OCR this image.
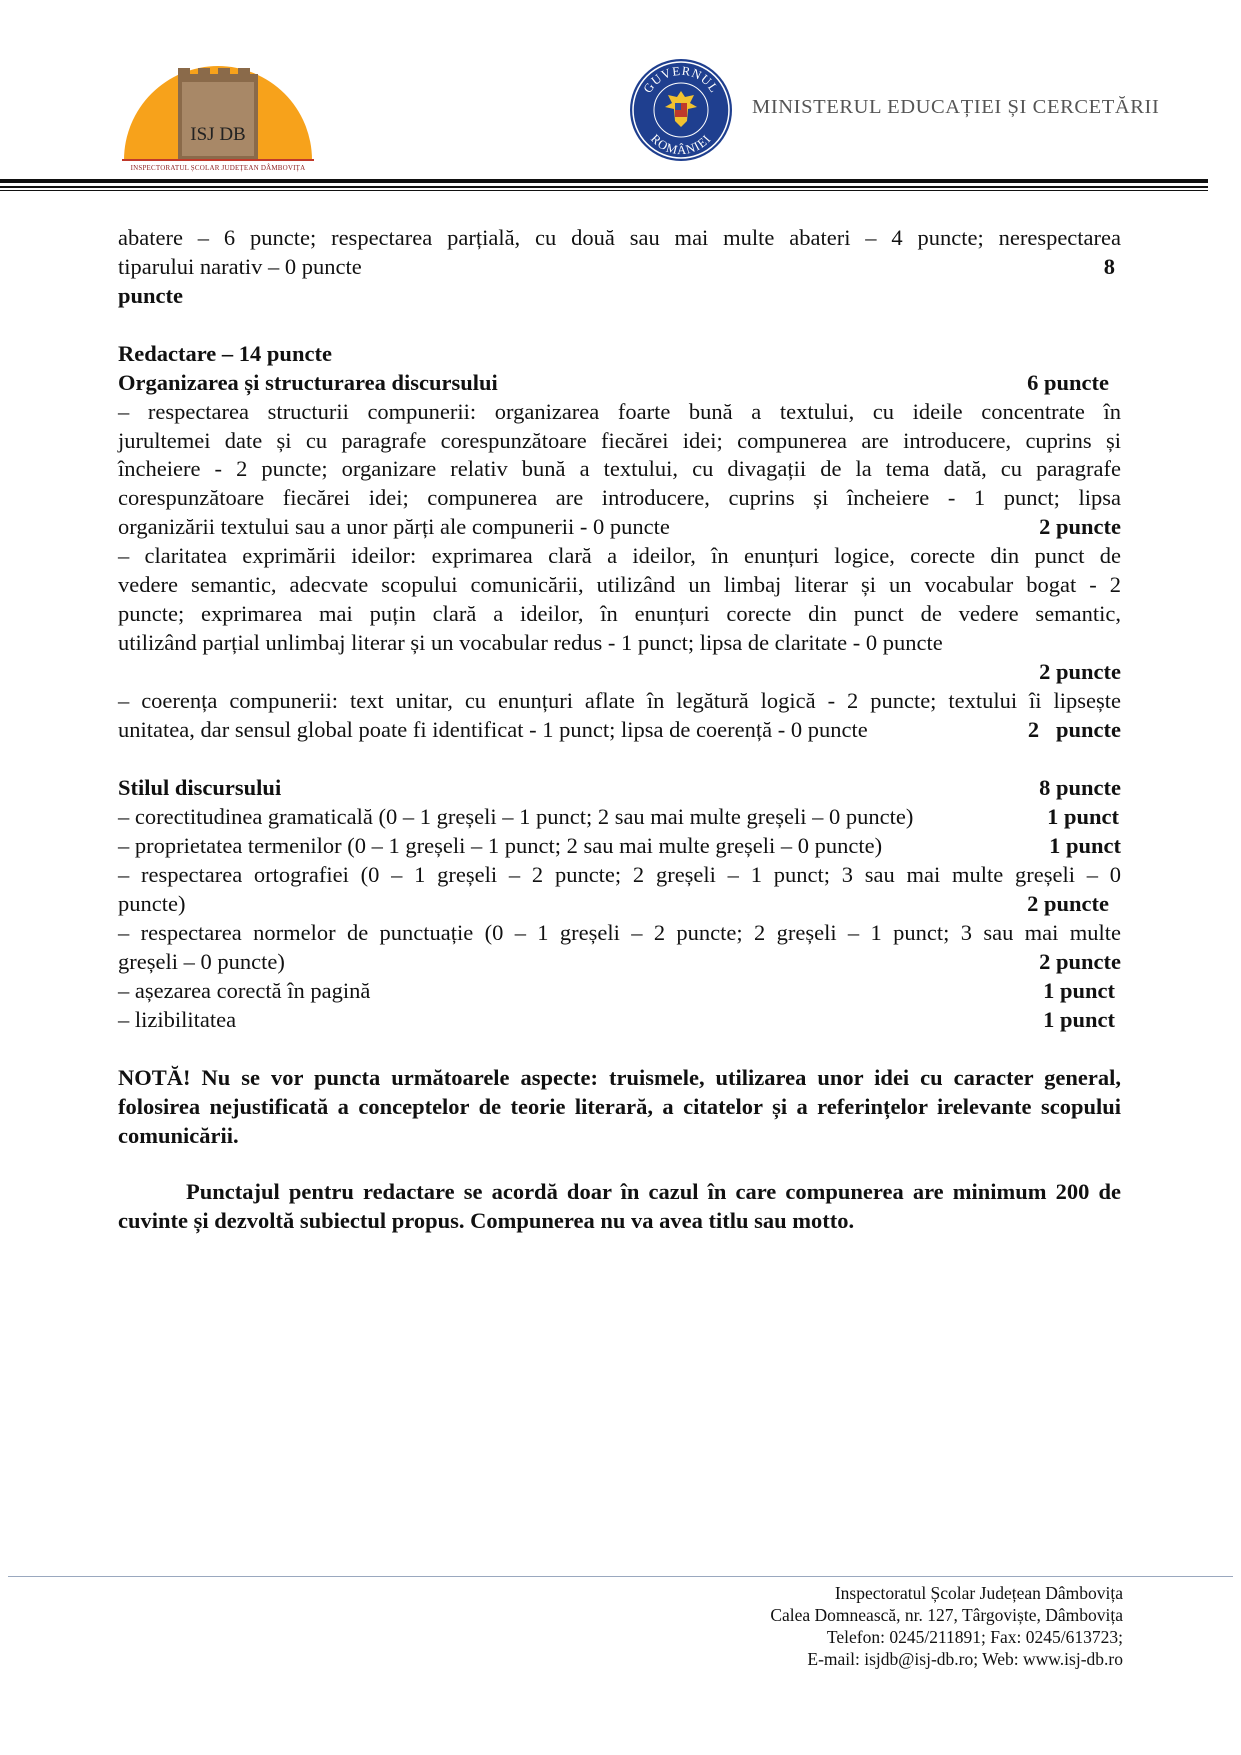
ISJ DB
INSPECTORATUL ȘCOLAR JUDEȚEAN DÂMBOVIȚA
GUVERNUL
ROMÂNIEI
MINISTERUL EDUCAȚIEI ȘI CERCETĂRII
abatere – 6 puncte; respectarea parțială, cu două sau mai multe abateri – 4 puncte; nerespectarea
tiparului narativ – 0 puncte	8
puncte
Redactare – 14 puncte
Organizarea și structurarea discursului	6 puncte
– respectarea structurii compunerii: organizarea foarte bună a textului, cu ideile concentrate în
jurultemei date și cu paragrafe corespunzătoare fiecărei idei; compunerea are introducere, cuprins și
încheiere - 2 puncte; organizare relativ bună a textului, cu divagații de la tema dată, cu paragrafe
corespunzătoare fiecărei idei; compunerea are introducere, cuprins și încheiere - 1 punct; lipsa
organizării textului sau a unor părți ale compunerii - 0 puncte	2 puncte
– claritatea exprimării ideilor: exprimarea clară a ideilor, în enunțuri logice, corecte din punct de
vedere semantic, adecvate scopului comunicării, utilizând un limbaj literar și un vocabular bogat - 2
puncte; exprimarea mai puțin clară a ideilor, în enunțuri corecte din punct de vedere semantic,
utilizând parțial unlimbaj literar și un vocabular redus - 1 punct; lipsa de claritate - 0 puncte
2 puncte
– coerența compunerii: text unitar, cu enunțuri aflate în legătură logică - 2 puncte; textului îi lipsește
unitatea, dar sensul global poate fi identificat - 1 punct; lipsa de coerență - 0 puncte	2   puncte
Stilul discursului	8 puncte
– corectitudinea gramaticală (0 – 1 greșeli – 1 punct; 2 sau mai multe greșeli – 0 puncte)	1 punct
– proprietatea termenilor (0 – 1 greșeli – 1 punct; 2 sau mai multe greșeli – 0 puncte)	1 punct
– respectarea ortografiei (0 – 1 greșeli – 2 puncte; 2 greșeli – 1 punct; 3 sau mai multe greșeli – 0
puncte)	2 puncte
– respectarea normelor de punctuație (0 – 1 greșeli – 2 puncte; 2 greșeli – 1 punct; 3 sau mai multe
greșeli – 0 puncte)	2 puncte
– așezarea corectă în pagină	1 punct
– lizibilitatea	1 punct
NOTĂ! Nu se vor puncta următoarele aspecte: truismele, utilizarea unor idei cu caracter general, folosirea nejustificată a conceptelor de teorie literară, a citatelor și a referințelor irelevante scopului comunicării.
Punctajul pentru redactare se acordă doar în cazul în care compunerea are minimum 200 de cuvinte și dezvoltă subiectul propus. Compunerea nu va avea titlu sau motto.
Inspectoratul Școlar Județean Dâmbovița
Calea Domnească, nr. 127, Târgoviște, Dâmbovița
Telefon: 0245/211891; Fax: 0245/613723;
E-mail: isjdb@isj-db.ro; Web: www.isj-db.ro
